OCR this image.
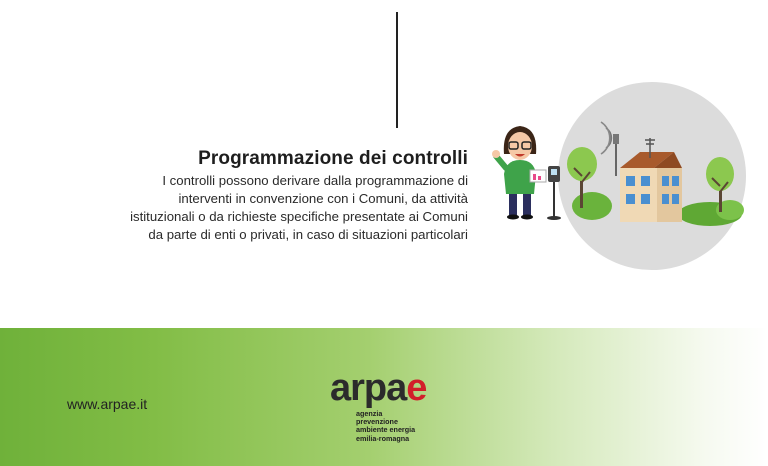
Programmazione dei controlli
I controlli possono derivare dalla programmazione di
interventi in convenzione con i Comuni, da attività
istituzionali o da richieste specifiche presentate ai Comuni
da parte di enti o privati, in caso di situazioni particolari
www.arpae.it	arpae
agenzia
prevenzione
ambiente energia
emilia-romagna
